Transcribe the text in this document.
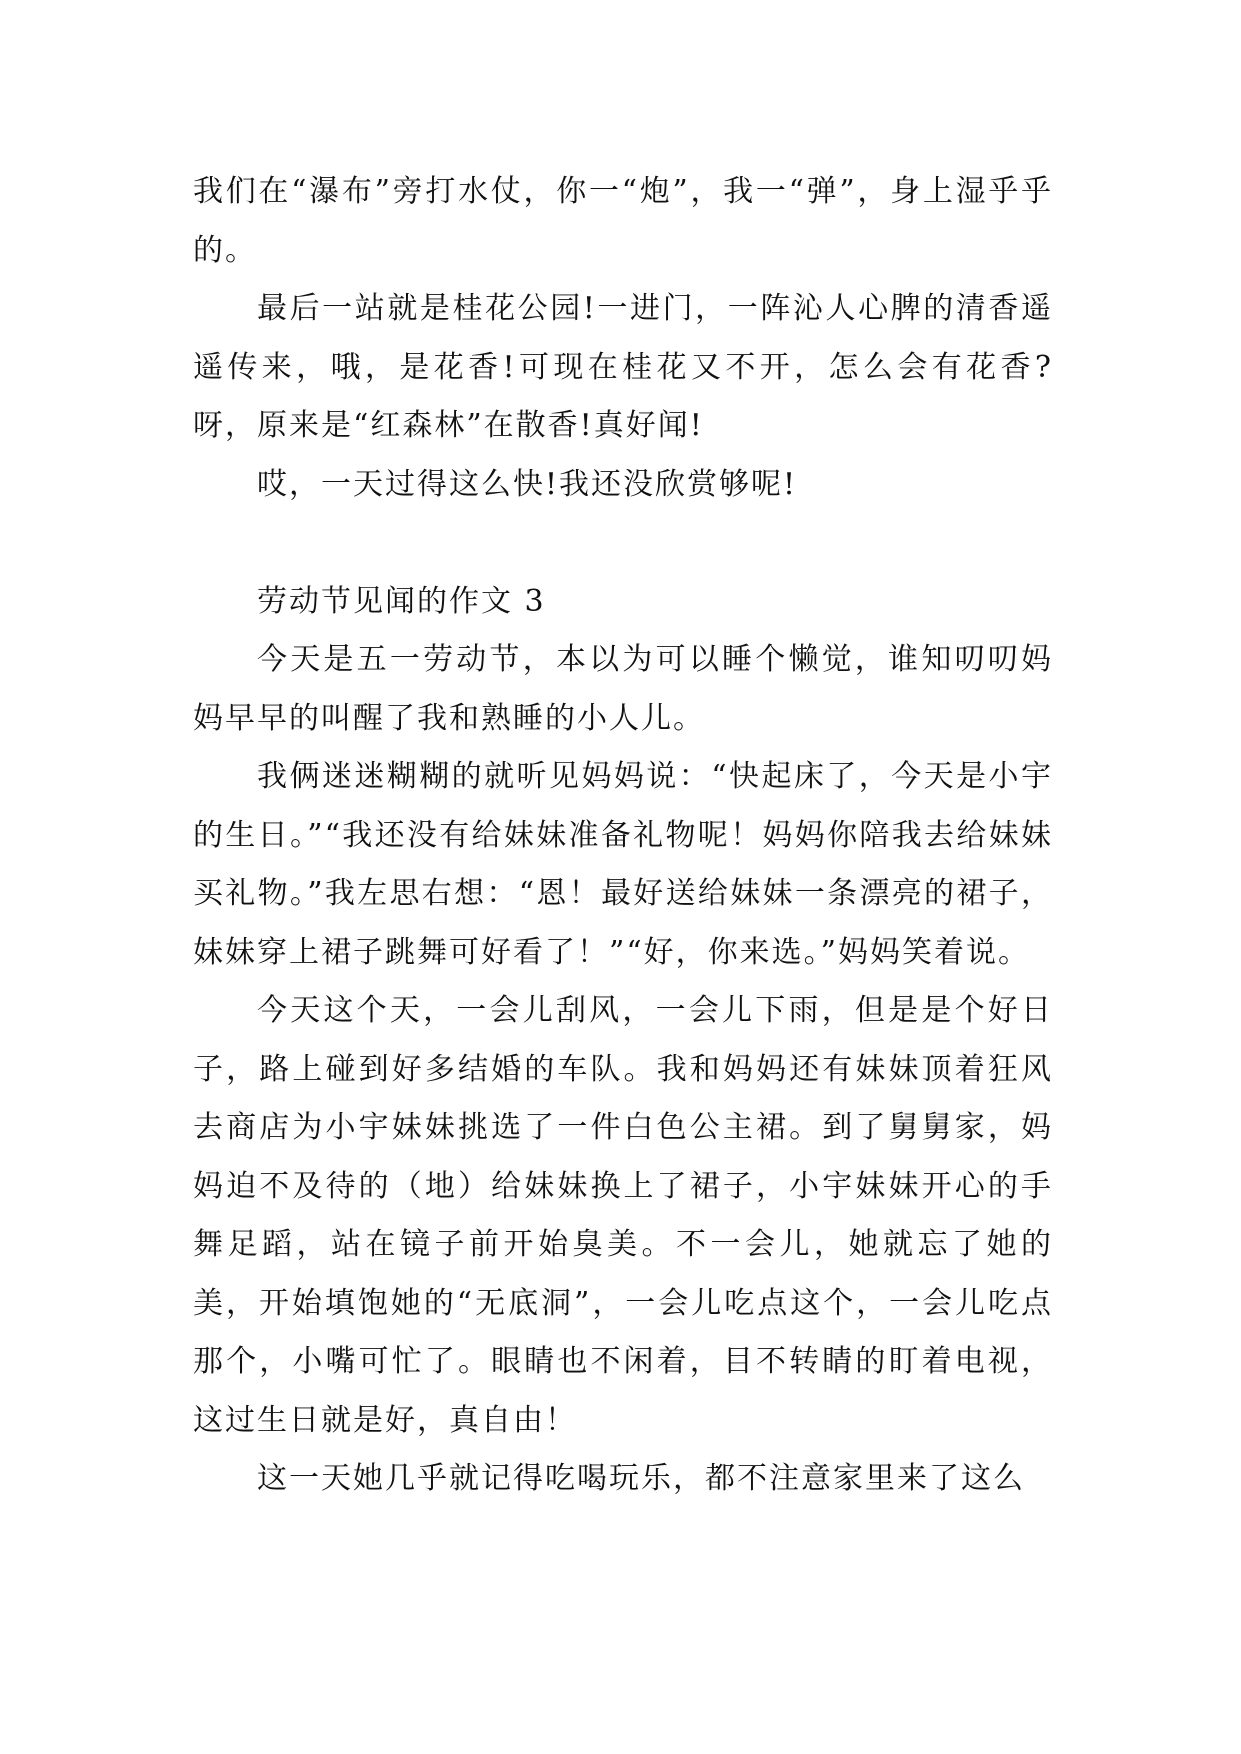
我们在“瀑布”旁打水仗，你一“炮”，我一“弹”，身上湿乎乎的。

最后一站就是桂花公园!一进门，一阵沁人心脾的清香遥遥传来，哦，是花香!可现在桂花又不开，怎么会有花香?呀，原来是“红森林”在散香!真好闻!

哎，一天过得这么快!我还没欣赏够呢!

劳动节见闻的作文 3

今天是五一劳动节，本以为可以睡个懒觉，谁知叨叨妈妈早早的叫醒了我和熟睡的小人儿。

我俩迷迷糊糊的就听见妈妈说：“快起床了，今天是小宇的生日。”“我还没有给妹妹准备礼物呢！妈妈你陪我去给妹妹买礼物。”我左思右想：“恩！最好送给妹妹一条漂亮的裙子，妹妹穿上裙子跳舞可好看了！”“好，你来选。”妈妈笑着说。

今天这个天，一会儿刮风，一会儿下雨，但是是个好日子，路上碰到好多结婚的车队。我和妈妈还有妹妹顶着狂风去商店为小宇妹妹挑选了一件白色公主裙。到了舅舅家，妈妈迫不及待的（地）给妹妹换上了裙子，小宇妹妹开心的手舞足蹈，站在镜子前开始臭美。不一会儿，她就忘了她的美，开始填饱她的“无底洞”，一会儿吃点这个，一会儿吃点那个，小嘴可忙了。眼睛也不闲着，目不转睛的盯着电视，这过生日就是好，真自由！

这一天她几乎就记得吃喝玩乐，都不注意家里来了这么
